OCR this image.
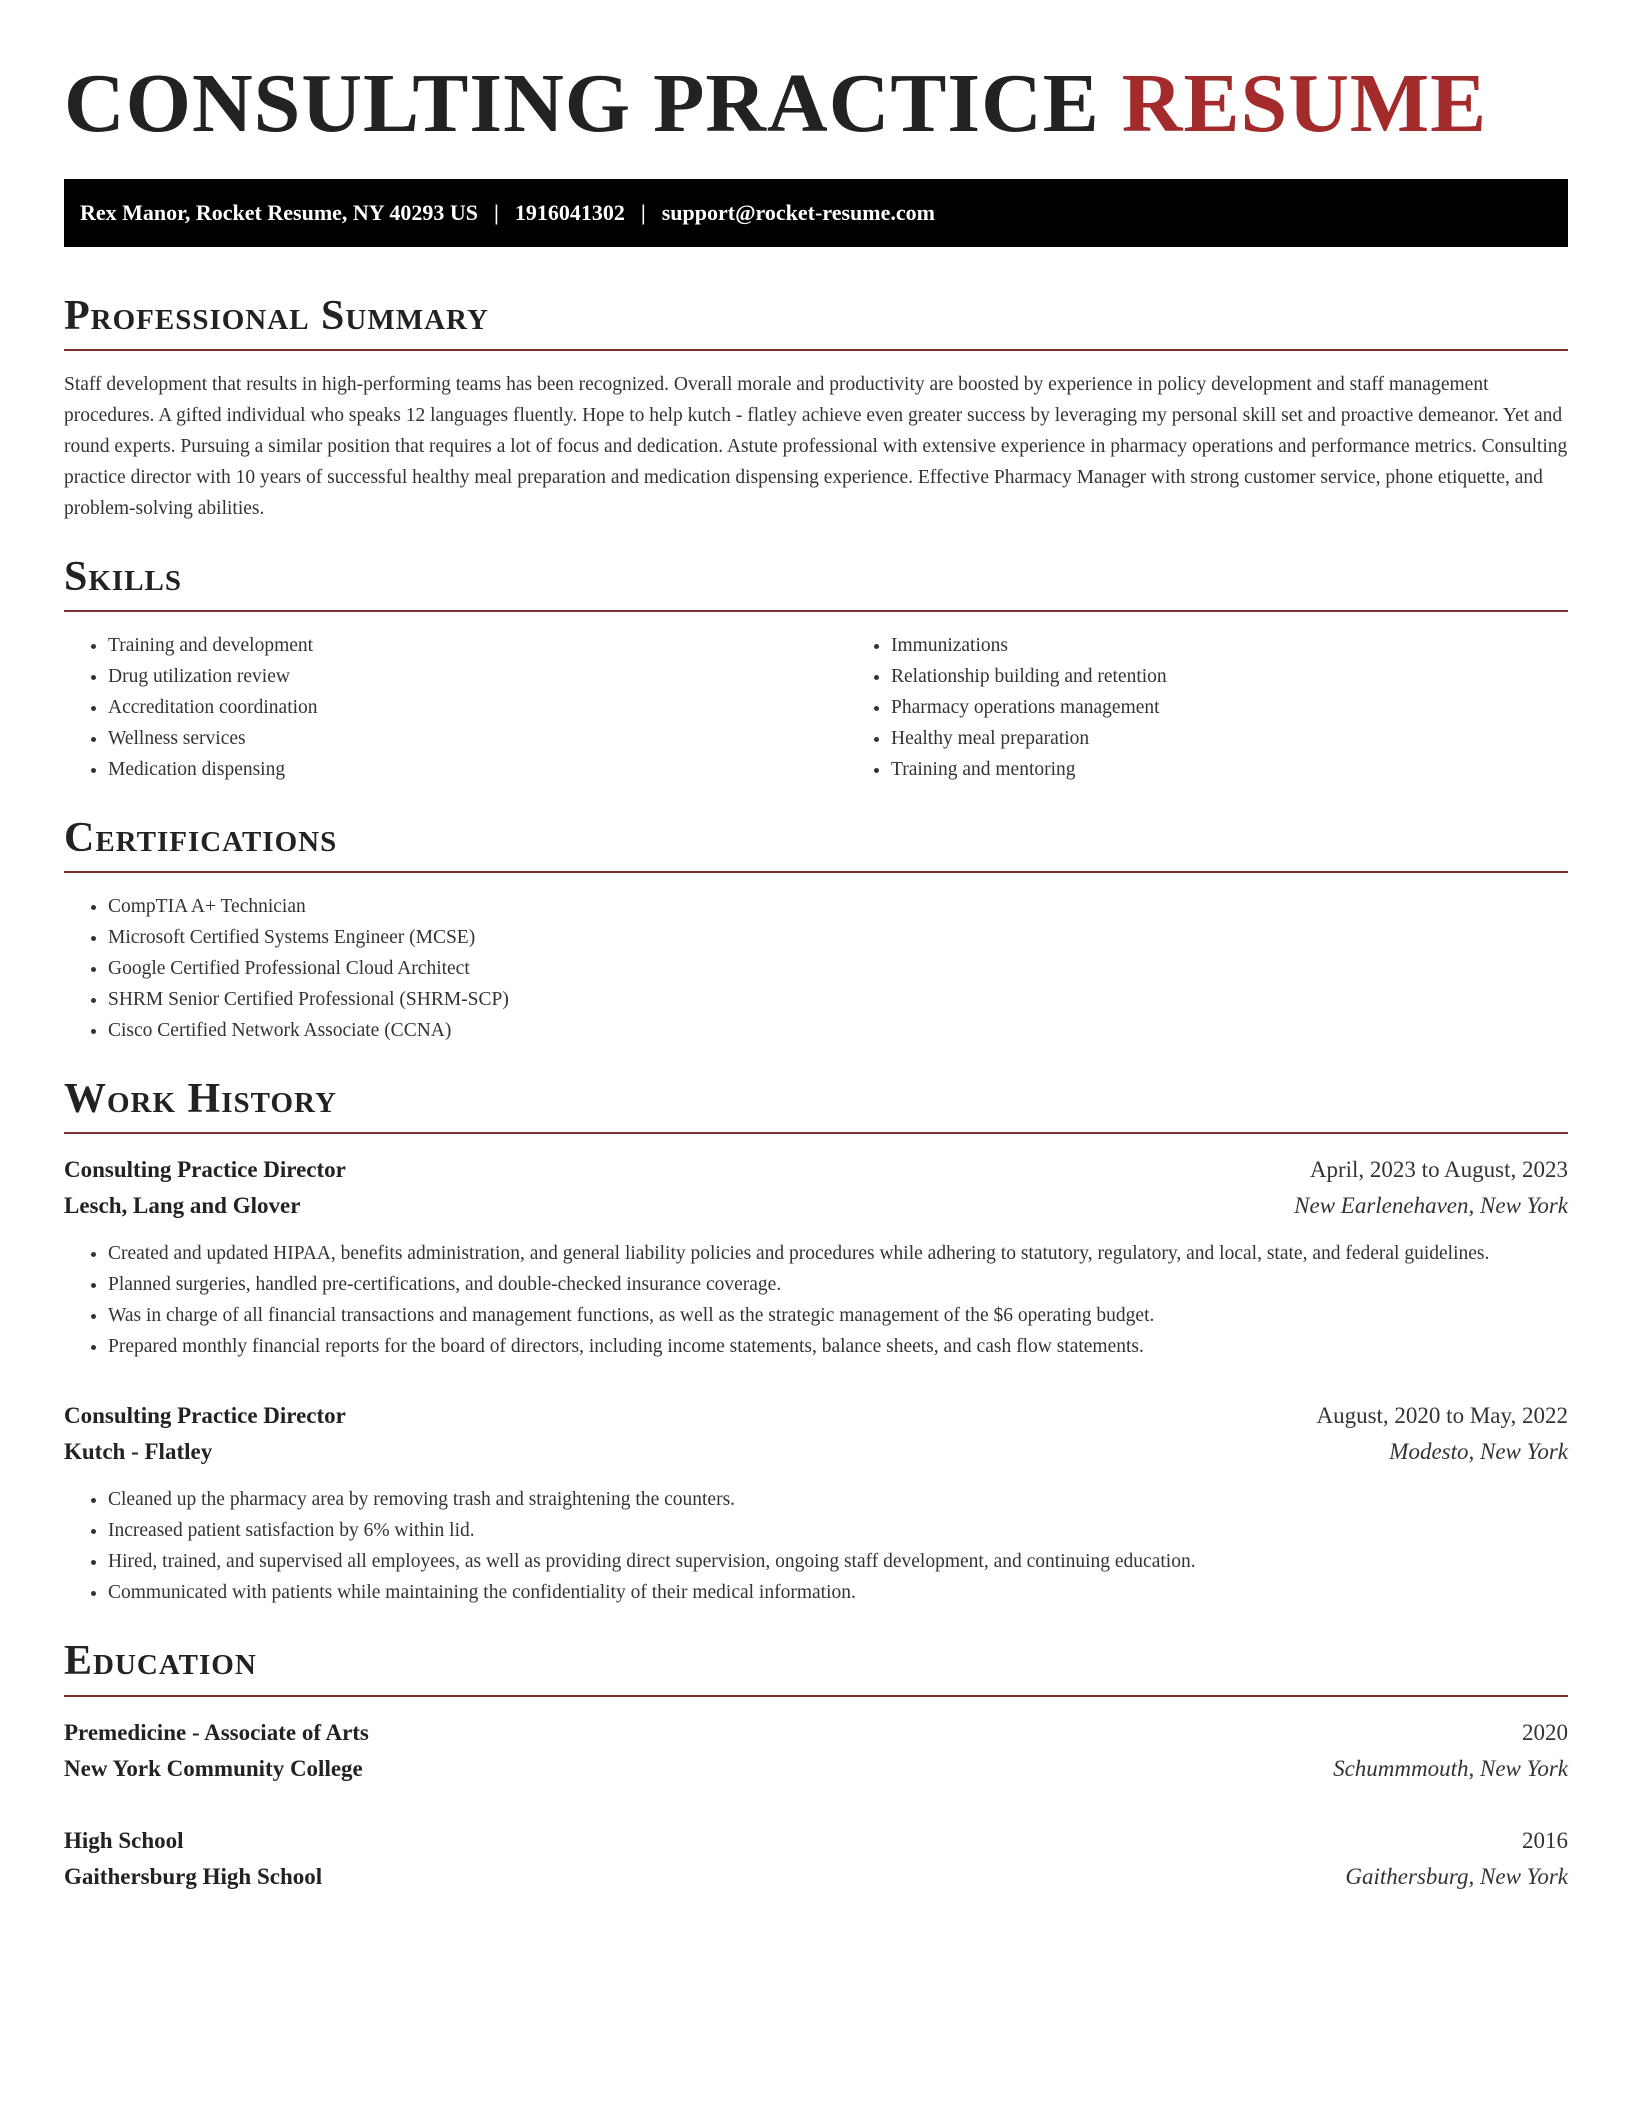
CONSULTING PRACTICE RESUME
Rex Manor, Rocket Resume, NY 40293 US | 1916041302 | support@rocket-resume.com
Professional Summary

Staff development that results in high-performing teams has been recognized. Overall morale and productivity are boosted by experience in policy development and staff management procedures. A gifted individual who speaks 12 languages fluently. Hope to help kutch - flatley achieve even greater success by leveraging my personal skill set and proactive demeanor. Yet and round experts. Pursuing a similar position that requires a lot of focus and dedication. Astute professional with extensive experience in pharmacy operations and performance metrics. Consulting practice director with 10 years of successful healthy meal preparation and medication dispensing experience. Effective Pharmacy Manager with strong customer service, phone etiquette, and problem-solving abilities.

Skills
• Training and development
• Drug utilization review
• Accreditation coordination
• Wellness services
• Medication dispensing
• Immunizations
• Relationship building and retention
• Pharmacy operations management
• Healthy meal preparation
• Training and mentoring
Certifications
• CompTIA A+ Technician
• Microsoft Certified Systems Engineer (MCSE)
• Google Certified Professional Cloud Architect
• SHRM Senior Certified Professional (SHRM-SCP)
• Cisco Certified Network Associate (CCNA)
Work History
Consulting Practice Director	April, 2023 to August, 2023
Lesch, Lang and Glover	New Earlenehaven, New York
• Created and updated HIPAA, benefits administration, and general liability policies and procedures while adhering to statutory, regulatory, and local, state, and federal guidelines.
• Planned surgeries, handled pre-certifications, and double-checked insurance coverage.
• Was in charge of all financial transactions and management functions, as well as the strategic management of the $6 operating budget.
• Prepared monthly financial reports for the board of directors, including income statements, balance sheets, and cash flow statements.
Consulting Practice Director	August, 2020 to May, 2022
Kutch - Flatley	Modesto, New York
• Cleaned up the pharmacy area by removing trash and straightening the counters.
• Increased patient satisfaction by 6% within lid.
• Hired, trained, and supervised all employees, as well as providing direct supervision, ongoing staff development, and continuing education.
• Communicated with patients while maintaining the confidentiality of their medical information.
Education
Premedicine - Associate of Arts	2020
New York Community College	Schummmouth, New York
High School	2016
Gaithersburg High School	Gaithersburg, New York
